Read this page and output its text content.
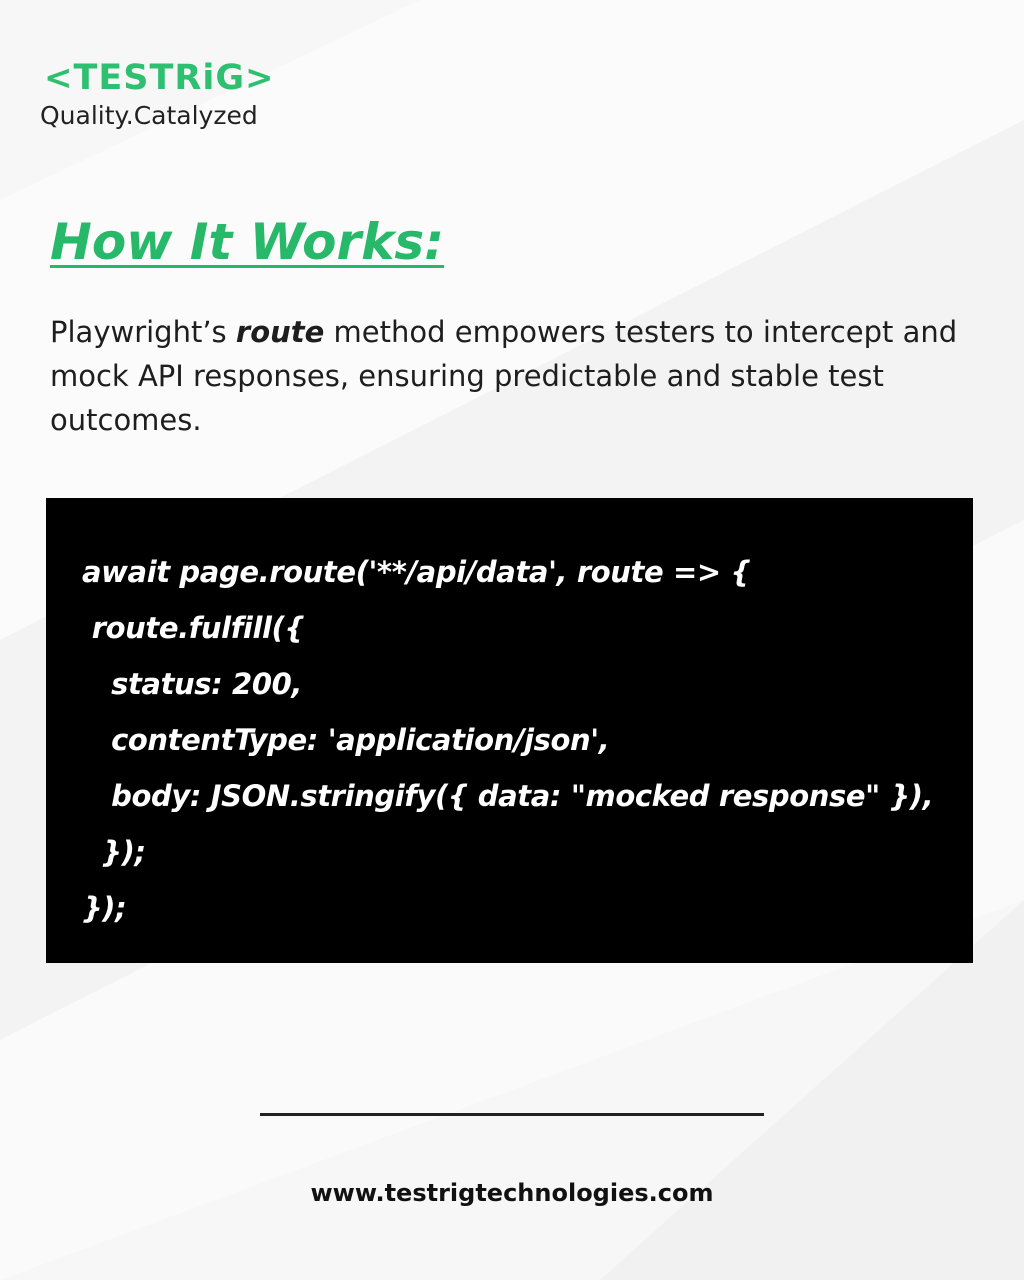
< TESTRiG >
Quality.Catalyzed
How It Works:

Playwright’s route method empowers testers to intercept and mock API responses, ensuring predictable and stable test outcomes.

await page.route('**/api/data', route => {
route.fulfill({
status: 200,
contentType: 'application/json',
body: JSON.stringify({ data: "mocked response" }),
});
});
www.testrigtechnologies.com
